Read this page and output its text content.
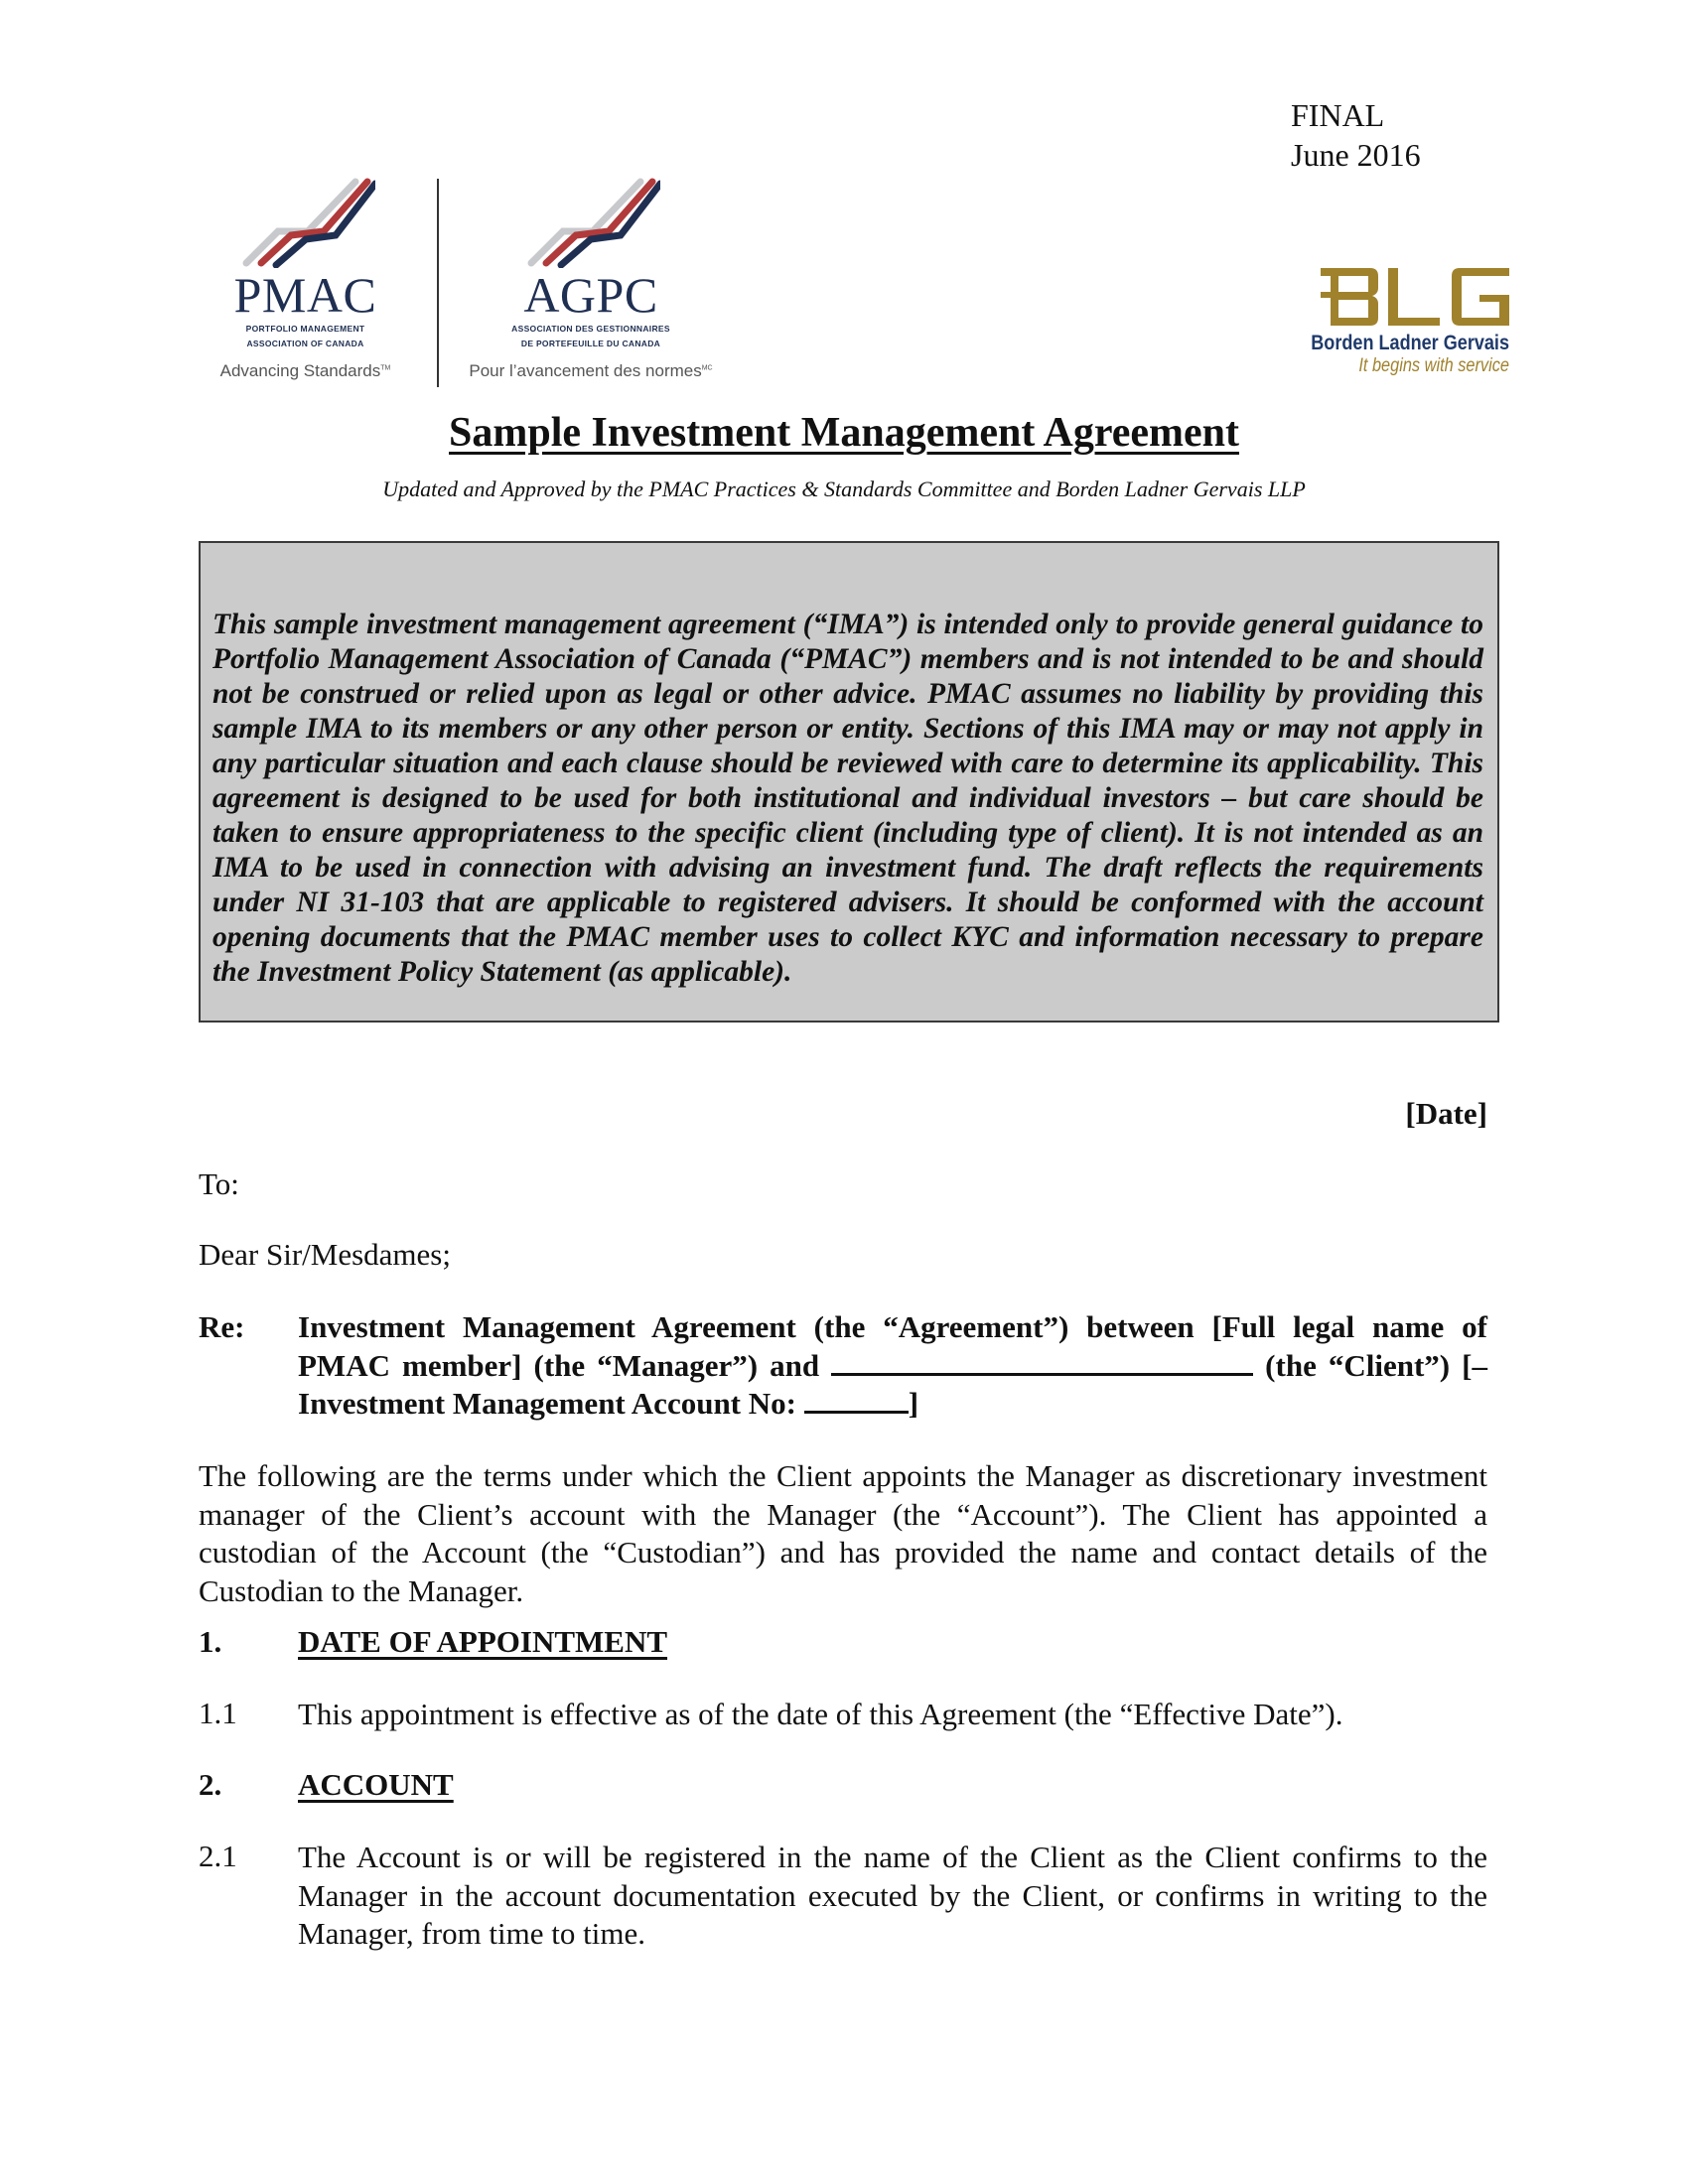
FINAL
June 2016
PMAC
PORTFOLIO MANAGEMENT
ASSOCIATION OF CANADA
Advancing Standards™
AGPC
ASSOCIATION DES GESTIONNAIRES
DE PORTEFEUILLE DU CANADA
Pour l’avancement des normes$^{MC}$
Borden Ladner Gervais
It begins with service
Sample Investment Management Agreement
Updated and Approved by the PMAC Practices & Standards Committee and Borden Ladner Gervais LLP

This sample investment management agreement (“IMA”) is intended only to provide general guidance to Portfolio Management Association of Canada (“PMAC”) members and is not intended to be and should not be construed or relied upon as legal or other advice. PMAC assumes no liability by providing this sample IMA to its members or any other person or entity. Sections of this IMA may or may not apply in any particular situation and each clause should be reviewed with care to determine its applicability. This agreement is designed to be used for both institutional and individual investors – but care should be taken to ensure appropriateness to the specific client (including type of client). It is not intended as an IMA to be used in connection with advising an investment fund. The draft reflects the requirements under NI 31-103 that are applicable to registered advisers. It should be conformed with the account opening documents that the PMAC member uses to collect KYC and information necessary to prepare the Investment Policy Statement (as applicable).

[Date]
To:
Dear Sir/Mesdames;
Re: Investment Management Agreement (the “Agreement”) between [Full legal name of PMAC member] (the “Manager”) and	(the “Client”) [– Investment Management Account No:	]
The following are the terms under which the Client appoints the Manager as discretionary investment manager of the Client’s account with the Manager (the “Account”). The Client has appointed a custodian of the Account (the “Custodian”) and has provided the name and contact details of the Custodian to the Manager.
1. DATE OF APPOINTMENT
1.1 This appointment is effective as of the date of this Agreement (the “Effective Date”).
2. ACCOUNT
2.1 The Account is or will be registered in the name of the Client as the Client confirms to the Manager in the account documentation executed by the Client, or confirms in writing to the Manager, from time to time.
